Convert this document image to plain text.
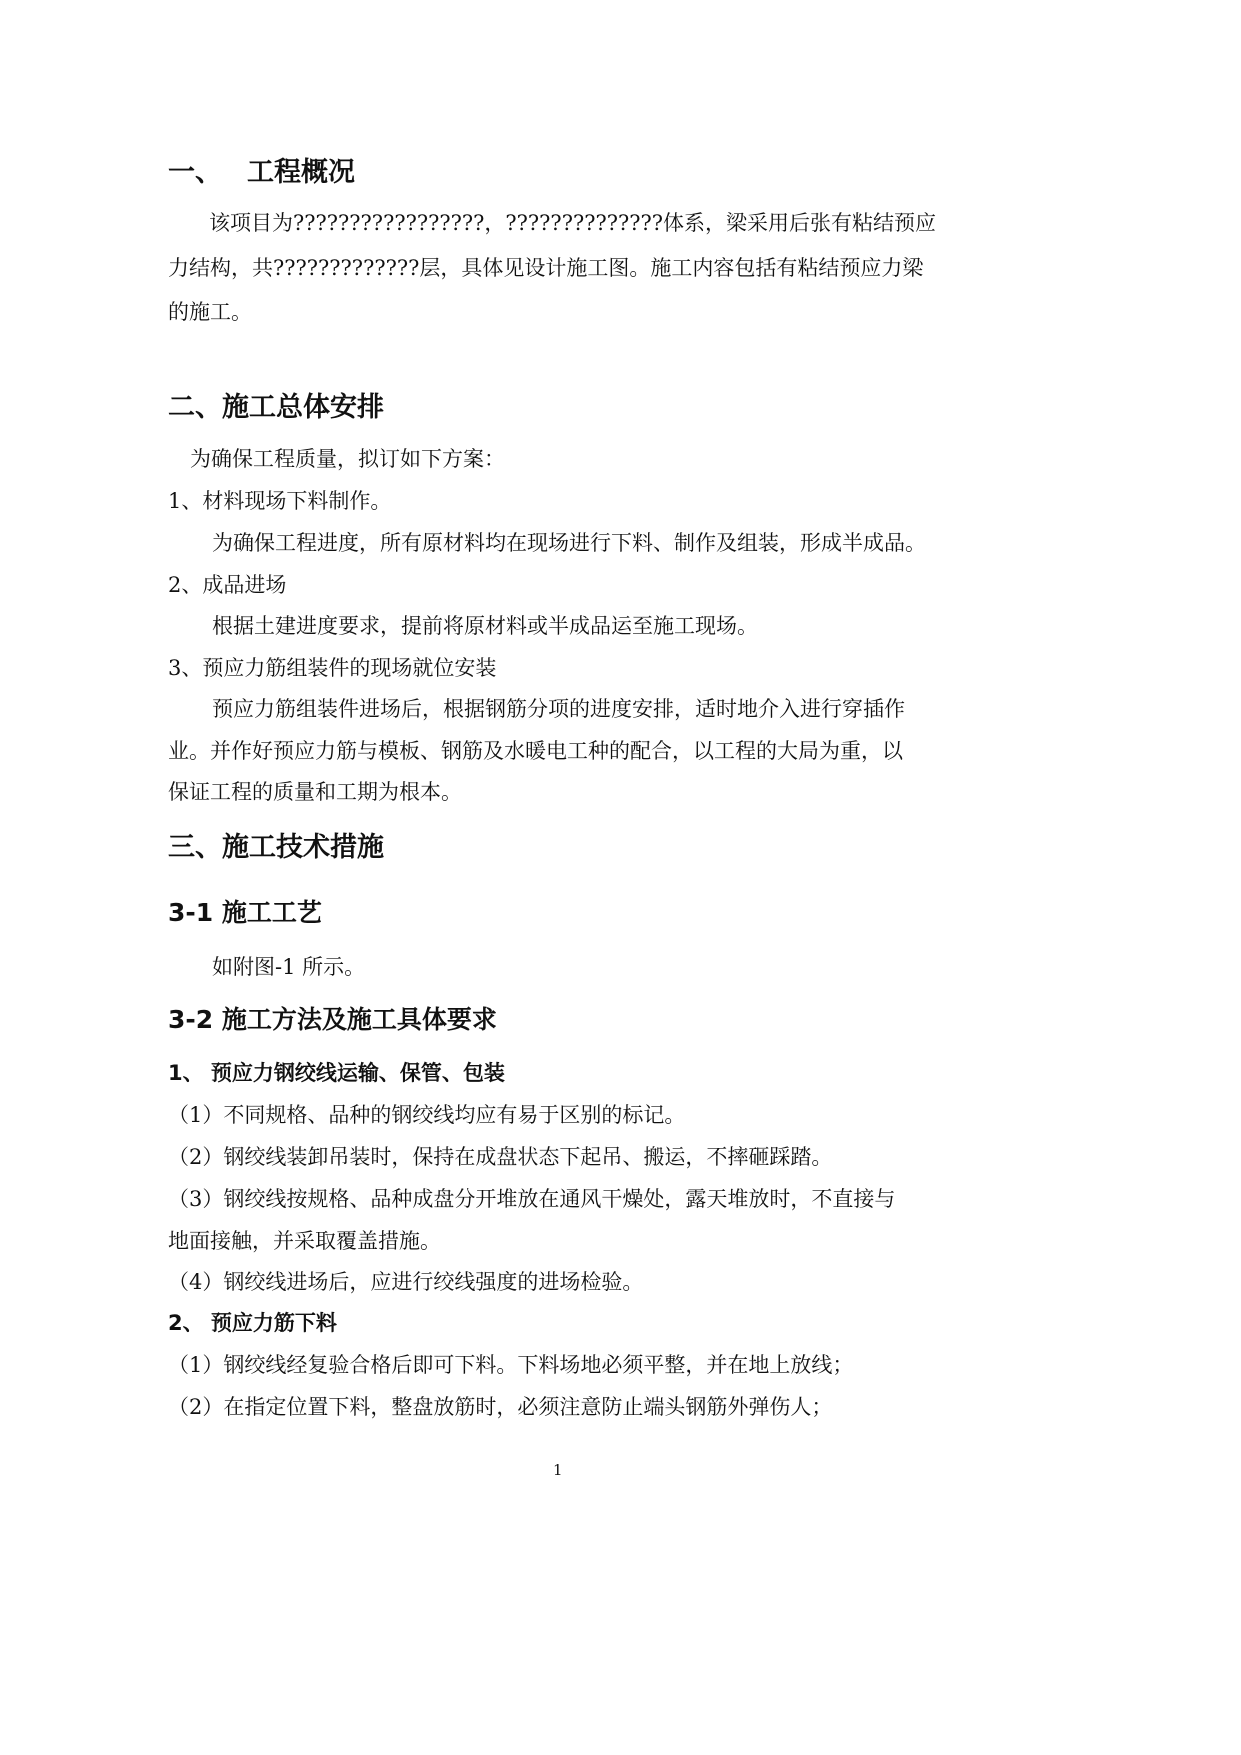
一、 工程概况
该项目为?????????????????，??????????????体系，梁采用后张有粘结预应
力结构，共?????????????层，具体见设计施工图。施工内容包括有粘结预应力梁
的施工。
二、施工总体安排
为确保工程质量，拟订如下方案：
1、材料现场下料制作。
为确保工程进度，所有原材料均在现场进行下料、制作及组装，形成半成品。
2、成品进场
根据土建进度要求，提前将原材料或半成品运至施工现场。
3、预应力筋组装件的现场就位安装
预应力筋组装件进场后，根据钢筋分项的进度安排，适时地介入进行穿插作
业。并作好预应力筋与模板、钢筋及水暖电工种的配合，以工程的大局为重，以
保证工程的质量和工期为根本。
三、施工技术措施
3-1 施工工艺
如附图-1 所示。
3-2 施工方法及施工具体要求
1、 预应力钢绞线运输、保管、包装
（1）不同规格、品种的钢绞线均应有易于区别的标记。
（2）钢绞线装卸吊装时，保持在成盘状态下起吊、搬运，不摔砸踩踏。
（3）钢绞线按规格、品种成盘分开堆放在通风干燥处，露天堆放时，不直接与
地面接触，并采取覆盖措施。
（4）钢绞线进场后，应进行绞线强度的进场检验。
2、 预应力筋下料
（1）钢绞线经复验合格后即可下料。下料场地必须平整，并在地上放线；
（2）在指定位置下料，整盘放筋时，必须注意防止端头钢筋外弹伤人；
1
